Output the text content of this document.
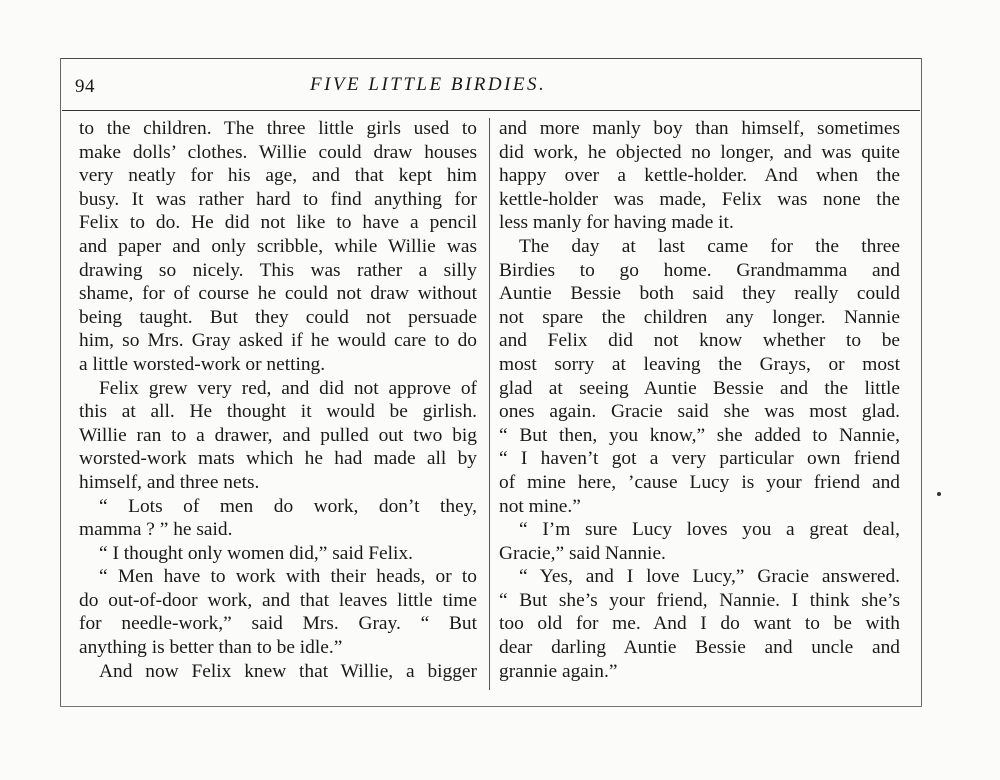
94	FIVE LITTLE BIRDIES.
to the children. The three little girls used to
make dolls’ clothes. Willie could draw houses
very neatly for his age, and that kept him
busy. It was rather hard to find anything for
Felix to do. He did not like to have a pencil
and paper and only scribble, while Willie was
drawing so nicely. This was rather a silly
shame, for of course he could not draw without
being taught. But they could not persuade
him, so Mrs. Gray asked if he would care to do
a little worsted-work or netting.
Felix grew very red, and did not approve of
this at all. He thought it would be girlish.
Willie ran to a drawer, and pulled out two big
worsted-work mats which he had made all by
himself, and three nets.
“ Lots of men do work, don’t they,
mamma ? ” he said.
“ I thought only women did,” said Felix.
“ Men have to work with their heads, or to
do out-of-door work, and that leaves little time
for needle-work,” said Mrs. Gray. “ But
anything is better than to be idle.”
And now Felix knew that Willie, a bigger
and more manly boy than himself, sometimes
did work, he objected no longer, and was quite
happy over a kettle-holder. And when the
kettle-holder was made, Felix was none the
less manly for having made it.
The day at last came for the three
Birdies to go home. Grandmamma and
Auntie Bessie both said they really could
not spare the children any longer. Nannie
and Felix did not know whether to be
most sorry at leaving the Grays, or most
glad at seeing Auntie Bessie and the little
ones again. Gracie said she was most glad.
“ But then, you know,” she added to Nannie,
“ I haven’t got a very particular own friend
of mine here, ’cause Lucy is your friend and
not mine.”
“ I’m sure Lucy loves you a great deal,
Gracie,” said Nannie.
“ Yes, and I love Lucy,” Gracie answered.
“ But she’s your friend, Nannie. I think she’s
too old for me. And I do want to be with
dear darling Auntie Bessie and uncle and
grannie again.”
